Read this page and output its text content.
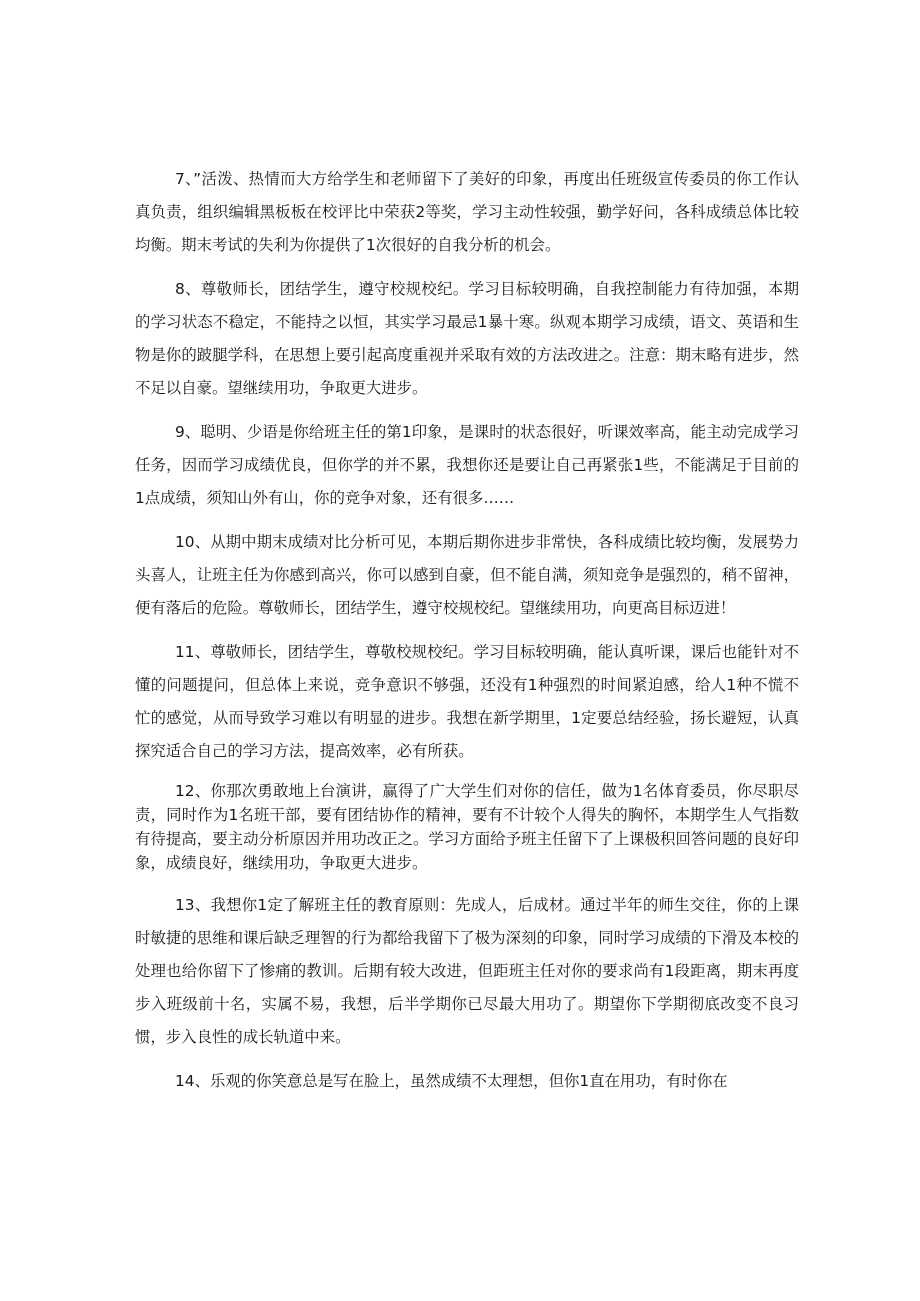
7、”活泼、热情而大方给学生和老师留下了美好的印象，再度出任班级宣传委员的你工作认真负责，组织编辑黑板板在校评比中荣获2等奖，学习主动性较强，勤学好问，各科成绩总体比较均衡。期末考试的失利为你提供了1次很好的自我分析的机会。

8、尊敬师长，团结学生，遵守校规校纪。学习目标较明确，自我控制能力有待加强，本期的学习状态不稳定，不能持之以恒，其实学习最忌1暴十寒。纵观本期学习成绩，语文、英语和生物是你的跛腿学科，在思想上要引起高度重视并采取有效的方法改进之。注意：期末略有进步，然不足以自豪。望继续用功，争取更大进步。

9、聪明、少语是你给班主任的第1印象，是课时的状态很好，听课效率高，能主动完成学习任务，因而学习成绩优良，但你学的并不累，我想你还是要让自己再紧张1些，不能满足于目前的1点成绩，须知山外有山，你的竞争对象，还有很多……

10、从期中期末成绩对比分析可见，本期后期你进步非常快，各科成绩比较均衡，发展势力头喜人，让班主任为你感到高兴，你可以感到自豪，但不能自满，须知竞争是强烈的，稍不留神，便有落后的危险。尊敬师长，团结学生，遵守校规校纪。望继续用功，向更高目标迈进！

11、尊敬师长，团结学生，尊敬校规校纪。学习目标较明确，能认真听课，课后也能针对不懂的问题提问，但总体上来说，竞争意识不够强，还没有1种强烈的时间紧迫感，给人1种不慌不忙的感觉，从而导致学习难以有明显的进步。我想在新学期里，1定要总结经验，扬长避短，认真探究适合自己的学习方法，提高效率，必有所获。

12、你那次勇敢地上台演讲，赢得了广大学生们对你的信任，做为1名体育委员，你尽职尽责，同时作为1名班干部，要有团结协作的精神，要有不计较个人得失的胸怀，本期学生人气指数有待提高，要主动分析原因并用功改正之。学习方面给予班主任留下了上课极积回答问题的良好印象，成绩良好，继续用功，争取更大进步。

13、我想你1定了解班主任的教育原则：先成人，后成材。通过半年的师生交往，你的上课时敏捷的思维和课后缺乏理智的行为都给我留下了极为深刻的印象，同时学习成绩的下滑及本校的处理也给你留下了惨痛的教训。后期有较大改进，但距班主任对你的要求尚有1段距离，期末再度步入班级前十名，实属不易，我想，后半学期你已尽最大用功了。期望你下学期彻底改变不良习惯，步入良性的成长轨道中来。

14、乐观的你笑意总是写在脸上，虽然成绩不太理想，但你1直在用功，有时你在
